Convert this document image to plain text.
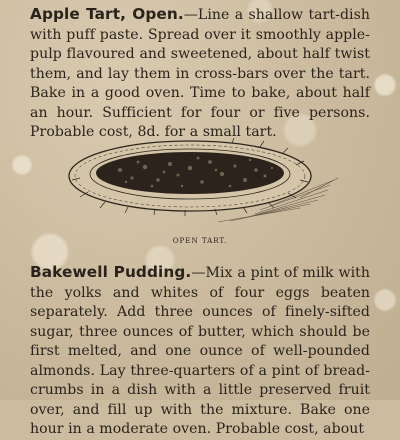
Apple Tart, Open.—Line a shallow tart-dish with puff paste. Spread over it smoothly apple-pulp flavoured and sweetened, about half twist them, and lay them in cross-bars over the tart. Bake in a good oven. Time to bake, about half an hour. Sufficient for four or five persons. Probable cost, 8d. for a small tart.
OPEN TART.
Bakewell Pudding.—Mix a pint of milk with the yolks and whites of four eggs beaten separately. Add three ounces of finely-sifted sugar, three ounces of butter, which should be first melted, and one ounce of well-pounded almonds. Lay three-quarters of a pint of bread-crumbs in a dish with a little preserved fruit over, and fill up with the mixture. Bake one hour in a moderate oven. Probable cost, about
